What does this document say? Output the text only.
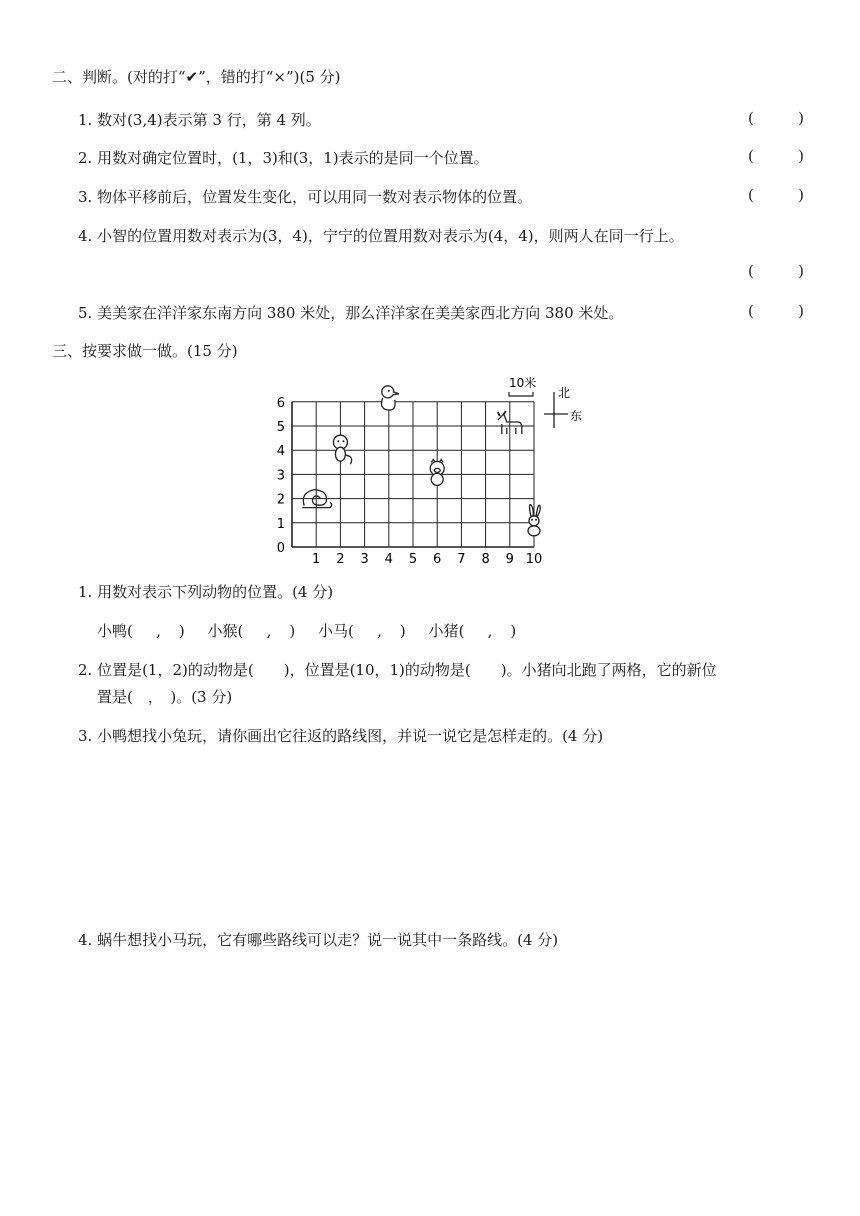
二、判断。(对的打“✔”，错的打“×”)(5 分)
1. 数对(3,4)表示第 3 行，第 4 列。	(	)
2. 用数对确定位置时，(1，3)和(3，1)表示的是同一个位置。	(	)
3. 物体平移前后，位置发生变化，可以用同一数对表示物体的位置。	(	)
4. 小智的位置用数对表示为(3，4)，宁宁的位置用数对表示为(4，4)，则两人在同一行上。
(	)
5. 美美家在洋洋家东南方向 380 米处，那么洋洋家在美美家西北方向 380 米处。	(	)
三、按要求做一做。(15 分)
1 2 3 4 5 6 7 8 9 10
0
1
2
3
4
5
6
10米
北
东
1. 用数对表示下列动物的位置。(4 分)
小鸭( , ) 小猴( , ) 小马( , ) 小猪( , )
2. 位置是(1，2)的动物是(　　)，位置是(10，1)的动物是(　　)。小猪向北跑了两格，它的新位
置是(　，　)。(3 分)
3. 小鸭想找小兔玩，请你画出它往返的路线图，并说一说它是怎样走的。(4 分)
4. 蜗牛想找小马玩，它有哪些路线可以走？说一说其中一条路线。(4 分)
